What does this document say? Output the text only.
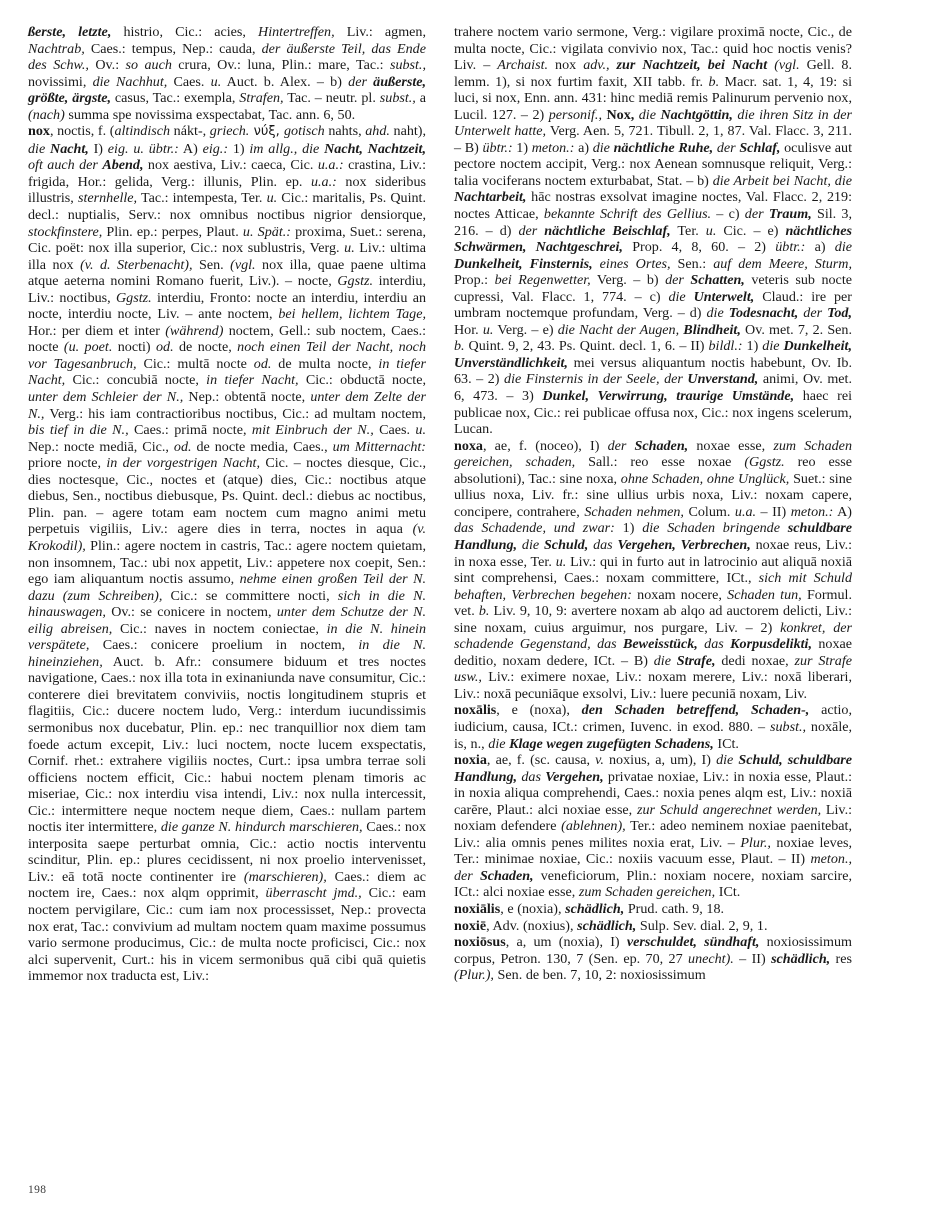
ßerste, letzte, histrio, Cic.: acies, Hintertreffen, Liv.: agmen, Nachtrab, Caes.: tempus, Nep.: cauda, der äußerste Teil, das Ende des Schw., Ov.: so auch crura, Ov.: luna, Plin.: mare, Tac.: subst., novissimi, die Nachhut, Caes. u. Auct. b. Alex. – b) der äußerste, größte, ärgste, casus, Tac.: exempla, Strafen, Tac. – neutr. pl. subst., a (nach) summa spe novissima exspectabat, Tac. ann. 6, 50.

nox, noctis, f. (altindisch nákt-, griech. νύξ, gotisch nahts, ahd. naht), die Nacht, I) eig. u. übtr.: A) eig.: 1) im allg., die Nacht, Nachtzeit, oft auch der Abend, nox aestiva, Liv.: caeca, Cic. u.a.: crastina, Liv.: frigida, Hor.: gelida, Verg.: illunis, Plin. ep. u.a.: nox sideribus illustris, sternhelle, Tac.: intempesta, Ter. u. Cic.: maritalis, Ps. Quint. decl.: nuptialis, Serv.: nox omnibus noctibus nigrior densiorque, stockfinstere, Plin. ep.: perpes, Plaut. u. Spät.: proxima, Suet.: serena, Cic. poët: nox illa superior, Cic.: nox sublustris, Verg. u. Liv.: ultima illa nox (v. d. Sterbenacht), Sen. (vgl. nox illa, quae paene ultima atque aeterna nomini Romano fuerit, Liv.). – nocte, Ggstz. interdiu, Liv.: noctibus, Ggstz. interdiu, Fronto: nocte an interdiu, interdiu an nocte, interdiu nocte, Liv. – ante noctem, bei hellem, lichtem Tage, Hor.: per diem et inter (während) noctem, Gell.: sub noctem, Caes.: nocte (u. poet. nocti) od. de nocte, noch einen Teil der Nacht, noch vor Tagesanbruch, Cic.: multā nocte od. de multa nocte, in tiefer Nacht, Cic.: concubiā nocte, in tiefer Nacht, Cic.: obductā nocte, unter dem Schleier der N., Nep.: obtentā nocte, unter dem Zelte der N., Verg.: his iam contractioribus noctibus, Cic.: ad multam noctem, bis tief in die N., Caes.: primā nocte, mit Einbruch der N., Caes. u. Nep.: nocte mediā, Cic., od. de nocte media, Caes., um Mitternacht: priore nocte, in der vorgestrigen Nacht, Cic. – noctes diesque, Cic., dies noctesque, Cic., noctes et (atque) dies, Cic.: noctibus atque diebus, Sen., noctibus diebusque, Ps. Quint. decl.: diebus ac noctibus, Plin. pan. – agere totam eam noctem cum magno animi metu perpetuis vigiliis, Liv.: agere dies in terra, noctes in aqua (v. Krokodil), Plin.: agere noctem in castris, Tac.: agere noctem quietam, non insomnem, Tac.: ubi nox appetit, Liv.: appetere nox coepit, Sen.: ego iam aliquantum noctis assumo, nehme einen großen Teil der N. dazu (zum Schreiben), Cic.: se committere nocti, sich in die N. hinauswagen, Ov.: se conicere in noctem, unter dem Schutze der N. eilig abreisen, Cic.: naves in noctem coniectae, in die N. hinein verspätete, Caes.: conicere proelium in noctem, in die N. hineinziehen, Auct. b. Afr.: consumere biduum et tres noctes navigatione, Caes.: nox illa tota in exinaniunda nave consumitur, Cic.: conterere diei brevitatem conviviis, noctis longitudinem stupris et flagitiis, Cic.: ducere noctem ludo, Verg.: interdum iucundissimis sermonibus nox ducebatur, Plin. ep.: nec tranquillior nox diem tam foede actum excepit, Liv.: luci noctem, nocte lucem exspectatis, Cornif. rhet.: extrahere vigiliis noctes, Curt.: ipsa umbra terrae soli officiens noctem efficit, Cic.: habui noctem plenam timoris ac miseriae, Cic.: nox interdiu visa intendi, Liv.: nox nulla intercessit, Cic.: intermittere neque noctem neque diem, Caes.: nullam partem noctis iter intermittere, die ganze N. hindurch marschieren, Caes.: nox interposita saepe perturbat omnia, Cic.: actio noctis interventu scinditur, Plin. ep.: plures cecidissent, ni nox proelio intervenisset, Liv.: eā totā nocte continenter ire (marschieren), Caes.: diem ac noctem ire, Caes.: nox alqm opprimit, überrascht jmd., Cic.: eam noctem pervigilare, Cic.: cum iam nox processisset, Nep.: provecta nox erat, Tac.: convivium ad multam noctem quam maxime possumus vario sermone producimus, Cic.: de multa nocte proficisci, Cic.: nox alci supervenit, Curt.: his in vicem sermonibus quā cibi quā quietis immemor nox traducta est, Liv.:

trahere noctem vario sermone, Verg.: vigilare proximā nocte, Cic., de multa nocte, Cic.: vigilata convivio nox, Tac.: quid hoc noctis venis? Liv. – Archaist. nox adv., zur Nachtzeit, bei Nacht (vgl. Gell. 8. lemm. 1), si nox furtim faxit, XII tabb. fr. b. Macr. sat. 1, 4, 19: si luci, si nox, Enn. ann. 431: hinc mediā remis Palinurum pervenio nox, Lucil. 127. – 2) personif., Nox, die Nachtgöttin, die ihren Sitz in der Unterwelt hatte, Verg. Aen. 5, 721. Tibull. 2, 1, 87. Val. Flacc. 3, 211. – B) übtr.: 1) meton.: a) die nächtliche Ruhe, der Schlaf, oculisve aut pectore noctem accipit, Verg.: nox Aenean somnusque reliquit, Verg.: talia vociferans noctem exturbabat, Stat. – b) die Arbeit bei Nacht, die Nachtarbeit, hāc nostras exsolvat imagine noctes, Val. Flacc. 2, 219: noctes Atticae, bekannte Schrift des Gellius. – c) der Traum, Sil. 3, 216. – d) der nächtliche Beischlaf, Ter. u. Cic. – e) nächtliches Schwärmen, Nachtgeschrei, Prop. 4, 8, 60. – 2) übtr.: a) die Dunkelheit, Finsternis, eines Ortes, Sen.: auf dem Meere, Sturm, Prop.: bei Regenwetter, Verg. – b) der Schatten, veteris sub nocte cupressi, Val. Flacc. 1, 774. – c) die Unterwelt, Claud.: ire per umbram noctemque profundam, Verg. – d) die Todesnacht, der Tod, Hor. u. Verg. – e) die Nacht der Augen, Blindheit, Ov. met. 7, 2. Sen. b. Quint. 9, 2, 43. Ps. Quint. decl. 1, 6. – II) bildl.: 1) die Dunkelheit, Unverständlichkeit, mei versus aliquantum noctis habebunt, Ov. Ib. 63. – 2) die Finsternis in der Seele, der Unverstand, animi, Ov. met. 6, 473. – 3) Dunkel, Verwirrung, traurige Umstände, haec rei publicae nox, Cic.: rei publicae offusa nox, Cic.: nox ingens scelerum, Lucan.

noxa, ae, f. (noceo), I) der Schaden, noxae esse, zum Schaden gereichen, schaden, Sall.: reo esse noxae (Ggstz. reo esse absolutioni), Tac.: sine noxa, ohne Schaden, ohne Unglück, Suet.: sine ullius noxa, Liv. fr.: sine ullius urbis noxa, Liv.: noxam capere, concipere, contrahere, Schaden nehmen, Colum. u.a. – II) meton.: A) das Schadende, und zwar: 1) die Schaden bringende schuldbare Handlung, die Schuld, das Vergehen, Verbrechen, noxae reus, Liv.: in noxa esse, Ter. u. Liv.: qui in furto aut in latrocinio aut aliquā noxiā sint comprehensi, Caes.: noxam committere, ICt., sich mit Schuld behaften, Verbrechen begehen: noxam nocere, Schaden tun, Formul. vet. b. Liv. 9, 10, 9: avertere noxam ab alqo ad auctorem delicti, Liv.: sine noxam, cuius arguimur, nos purgare, Liv. – 2) konkret, der schadende Gegenstand, das Beweisstück, das Korpusdelikti, noxae deditio, noxam dedere, ICt. – B) die Strafe, dedi noxae, zur Strafe usw., Liv.: eximere noxae, Liv.: noxam merere, Liv.: noxā liberari, Liv.: noxā pecuniāque exsolvi, Liv.: luere pecuniā noxam, Liv.

noxālis, e (noxa), den Schaden betreffend, Schaden-, actio, iudicium, causa, ICt.: crimen, Iuvenc. in exod. 880. – subst., noxāle, is, n., die Klage wegen zugefügten Schadens, ICt.

noxia, ae, f. (sc. causa, v. noxius, a, um), I) die Schuld, schuldbare Handlung, das Vergehen, privatae noxiae, Liv.: in noxia esse, Plaut.: in noxia aliqua comprehendi, Caes.: noxia penes alqm est, Liv.: noxiā carēre, Plaut.: alci noxiae esse, zur Schuld angerechnet werden, Liv.: noxiam defendere (ablehnen), Ter.: adeo neminem noxiae paenitebat, Liv.: alia omnis penes milites noxia erat, Liv. – Plur., noxiae leves, Ter.: minimae noxiae, Cic.: noxiis vacuum esse, Plaut. – II) meton., der Schaden, veneficiorum, Plin.: noxiam nocere, noxiam sarcire, ICt.: alci noxiae esse, zum Schaden gereichen, ICt.

noxiālis, e (noxia), schädlich, Prud. cath. 9, 18.

noxiē, Adv. (noxius), schädlich, Sulp. Sev. dial. 2, 9, 1.

noxiōsus, a, um (noxia), I) verschuldet, sündhaft, noxiosissimum corpus, Petron. 130, 7 (Sen. ep. 70, 27 unecht). – II) schädlich, res (Plur.), Sen. de ben. 7, 10, 2: noxiosissimum

198
